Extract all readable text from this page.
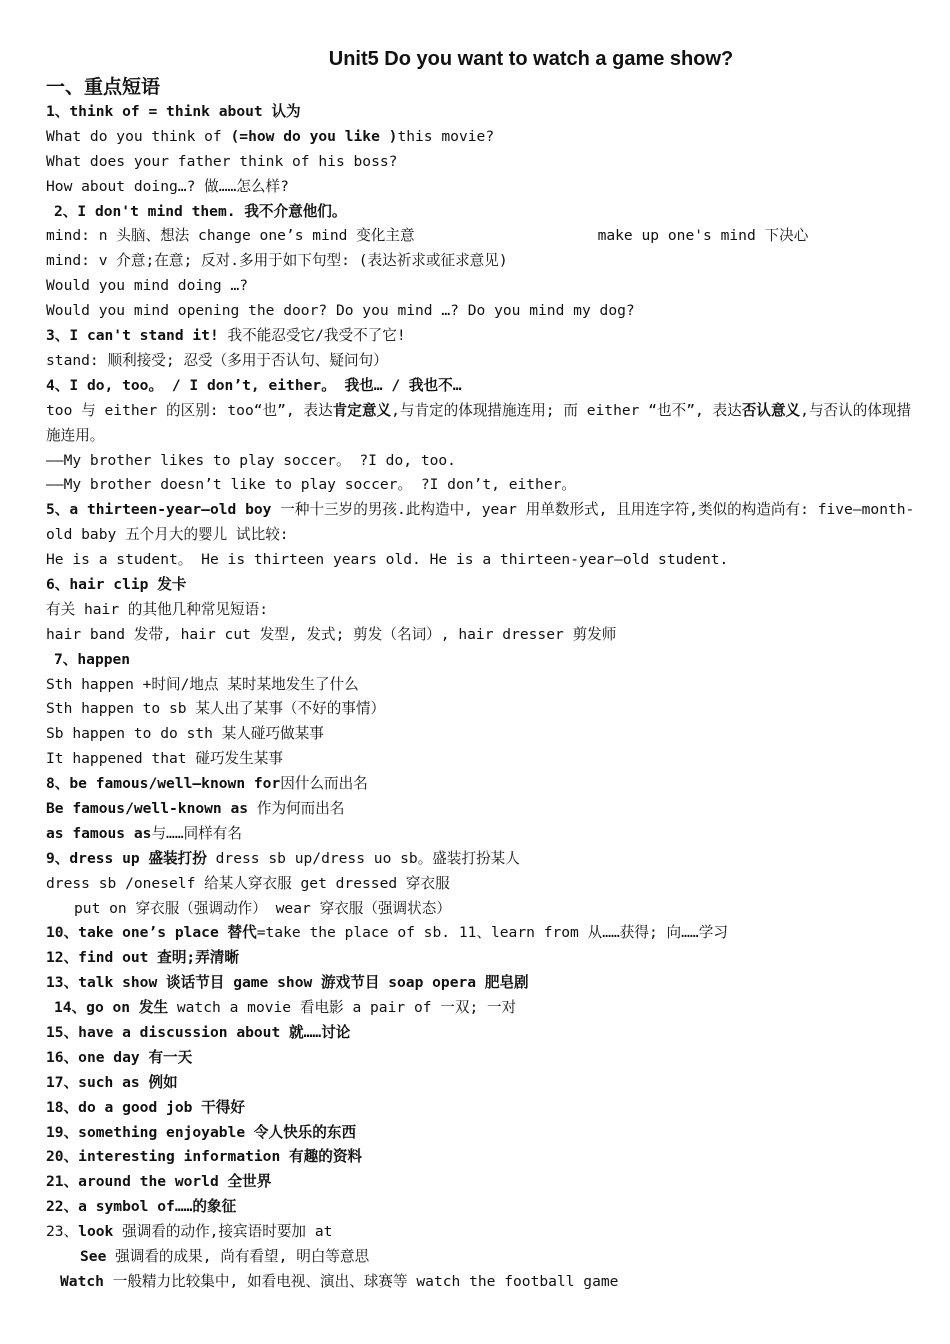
Unit5 Do you want to watch a game show?
一、重点短语
1、think of = think about 认为
What do you think of (=how do you like )this movie?
What does your father think of his boss?
How about doing…? 做……怎么样?
2、I don't mind them. 我不介意他们。
mind: n 头脑、想法 change one’s mind 变化主意	make up one's mind 下决心
mind: v 介意;在意; 反对.多用于如下句型: (表达祈求或征求意见)
Would you mind doing …?
Would you mind opening the door? Do you mind …? Do you mind my dog?
3、I can't stand it! 我不能忍受它/我受不了它!
stand: 顺利接受; 忍受（多用于否认句、疑问句）
4、I do, too。 / I don’t, either。 我也… / 我也不…
too 与 either 的区别: too“也”, 表达肯定意义,与肯定的体现措施连用; 而 either “也不”, 表达否认意义,与否认的体现措施连用。
——My brother likes to play soccer。 ?I do, too.
——My brother doesn’t like to play soccer。 ?I don’t, either。
5、a thirteen-year—old boy 一种十三岁的男孩.此构造中, year 用单数形式, 且用连字符,类似的构造尚有: five—month-old baby 五个月大的婴儿 试比较:
He is a student。 He is thirteen years old. He is a thirteen-year—old student.
6、hair clip 发卡
有关 hair 的其他几种常见短语:
hair band 发带, hair cut 发型, 发式; 剪发（名词）, hair dresser 剪发师
7、happen
Sth happen +时间/地点 某时某地发生了什么
Sth happen to sb 某人出了某事（不好的事情）
Sb happen to do sth 某人碰巧做某事
It happened that 碰巧发生某事
8、be famous/well—known for因什么而出名
Be famous/well-known as 作为何而出名
as famous as与……同样有名
9、dress up 盛装打扮 dress sb up/dress uo sb。盛装打扮某人
dress sb /oneself 给某人穿衣服 get dressed 穿衣服
put on 穿衣服（强调动作） wear 穿衣服（强调状态）
10、take one’s place 替代=take the place of sb. 11、learn from 从……获得; 向……学习
12、find out 查明;弄清晰
13、talk show 谈话节目 game show 游戏节目 soap opera 肥皂剧
14、go on 发生 watch a movie 看电影 a pair of 一双; 一对
15、have a discussion about 就……讨论
16、one day 有一天
17、such as 例如
18、do a good job 干得好
19、something enjoyable 令人快乐的东西
20、interesting information 有趣的资料
21、around the world 全世界
22、a symbol of……的象征
23、look 强调看的动作,接宾语时要加 at
See 强调看的成果, 尚有看望, 明白等意思
Watch 一般精力比较集中, 如看电视、演出、球赛等 watch the football game
